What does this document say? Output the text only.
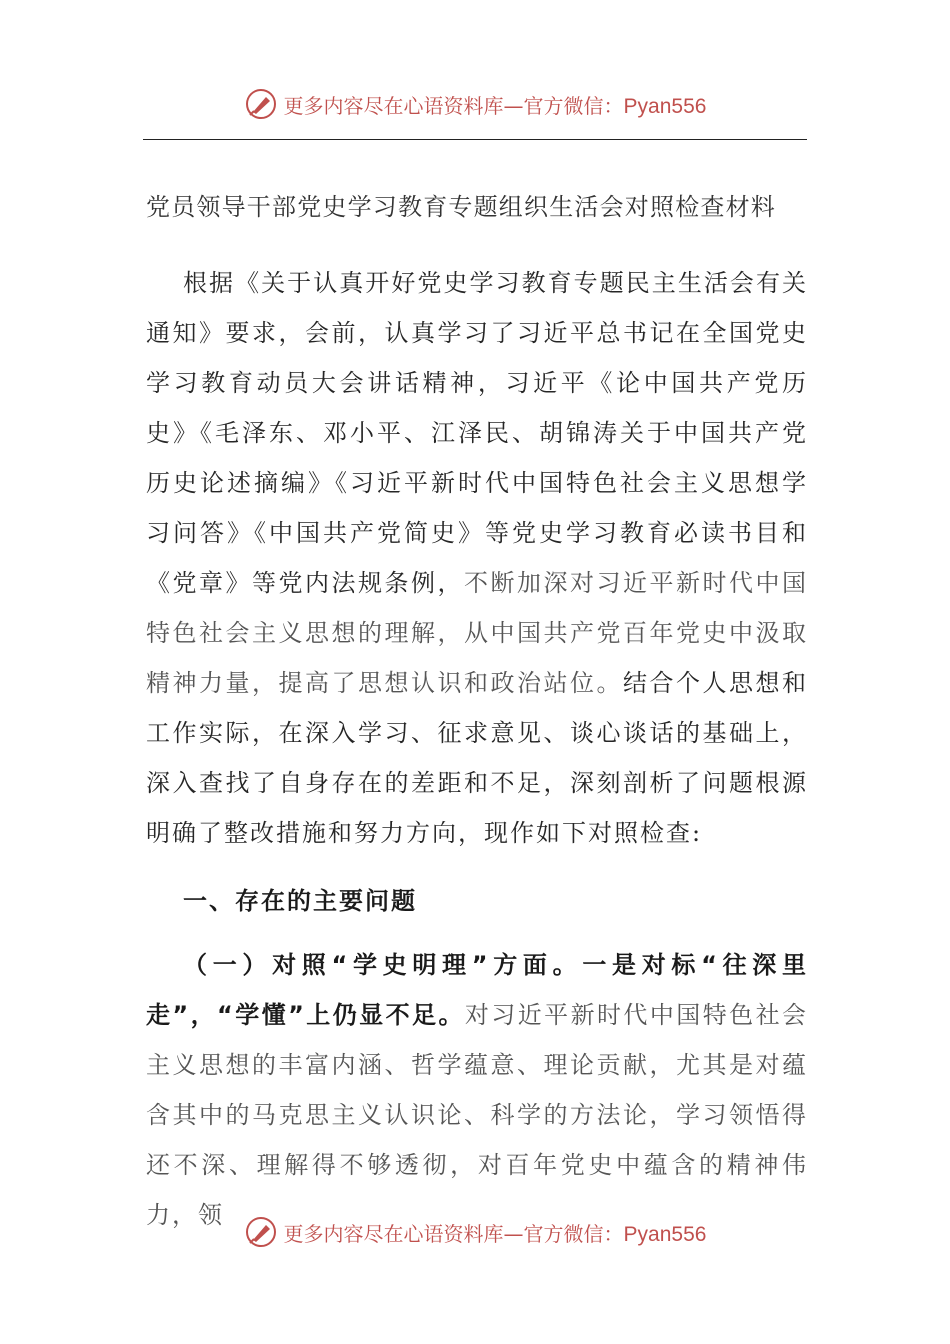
更多内容尽在心语资料库—官方微信：Pyan556

党员领导干部党史学习教育专题组织生活会对照检查材料

根据《关于认真开好党史学习教育专题民主生活会有关通知》要求，会前，认真学习了习近平总书记在全国党史学习教育动员大会讲话精神，习近平《论中国共产党历史》《毛泽东、邓小平、江泽民、胡锦涛关于中国共产党历史论述摘编》《习近平新时代中国特色社会主义思想学习问答》《中国共产党简史》等党史学习教育必读书目和《党章》等党内法规条例，不断加深对习近平新时代中国特色社会主义思想的理解，从中国共产党百年党史中汲取精神力量，提高了思想认识和政治站位。结合个人思想和工作实际，在深入学习、征求意见、谈心谈话的基础上，深入查找了自身存在的差距和不足，深刻剖析了问题根源明确了整改措施和努力方向，现作如下对照检查:

一、存在的主要问题

（一）对照“学史明理”方面。一是对标“往深里走”，“学懂”上仍显不足。对习近平新时代中国特色社会主义思想的丰富内涵、哲学蕴意、理论贡献，尤其是对蕴含其中的马克思主义认识论、科学的方法论，学习领悟得还不深、理解得不够透彻，对百年党史中蕴含的精神伟力，领

更多内容尽在心语资料库—官方微信：Pyan556
